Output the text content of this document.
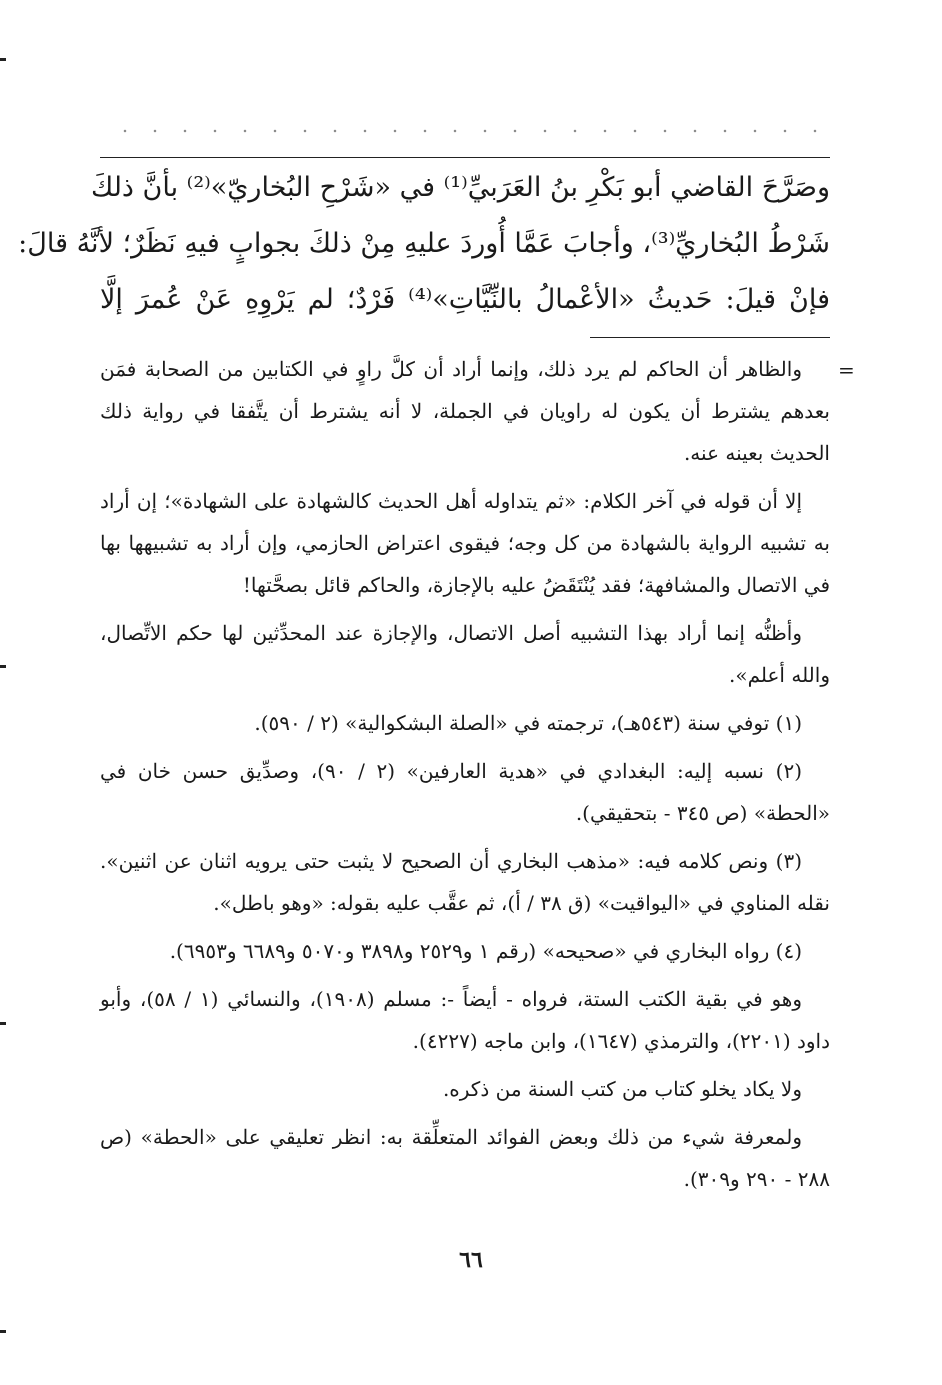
وصَرَّحَ القاضي أبو بَكْرِ بنُ العَرَبيِّ⁽¹⁾ في «شَرْحِ البُخاريّ»⁽²⁾ بأنَّ ذلكَ

شَرْطُ البُخاريِّ⁽³⁾، وأجابَ عَمَّا أُوردَ عليهِ مِنْ ذلكَ بجوابٍ فيهِ نَظَرٌ؛ لأنَّهُ قالَ:

فإنْ قيلَ: حَديثُ «الأعْمالُ بالنِّيَّاتِ»⁽⁴⁾ فَرْدٌ؛ لم يَرْوِهِ عَنْ عُمرَ إلَّا

=

والظاهر أن الحاكم لم يرد ذلك، وإنما أراد أن كلَّ راوٍ في الكتابين من الصحابة فمَن بعدهم يشترط أن يكون له راويان في الجملة، لا أنه يشترط أن يتَّفقا في رواية ذلك الحديث بعينه عنه.

إلا أن قوله في آخر الكلام: «ثم يتداوله أهل الحديث كالشهادة على الشهادة»؛ إن أراد به تشبيه الرواية بالشهادة من كل وجه؛ فيقوى اعتراض الحازمي، وإن أراد به تشبيهها بها في الاتصال والمشافهة؛ فقد يُنْتَقَضُ عليه بالإجازة، والحاكم قائل بصحَّتها!

وأظنُّه إنما أراد بهذا التشبيه أصل الاتصال، والإجازة عند المحدِّثين لها حكم الاتِّصال، والله أعلم».

(١) توفي سنة (٥٤٣هـ)، ترجمته في «الصلة البشكوالية» (٢ / ٥٩٠).

(٢) نسبه إليه: البغدادي في «هدية العارفين» (٢ / ٩٠)، وصدِّيق حسن خان في «الحطة» (ص ٣٤٥ - بتحقيقي).

(٣) ونص كلامه فيه: «مذهب البخاري أن الصحيح لا يثبت حتى يرويه اثنان عن اثنين». نقله المناوي في «اليواقيت» (ق ٣٨ / أ)، ثم عقَّب عليه بقوله: «وهو باطل».

(٤) رواه البخاري في «صحيحه» (رقم ١ و٢٥٢٩ و٣٨٩٨ و٥٠٧٠ و٦٦٨٩ و٦٩٥٣).

وهو في بقية الكتب الستة، فرواه - أيضاً -: مسلم (١٩٠٨)، والنسائي (١ / ٥٨)، وأبو داود (٢٢٠١)، والترمذي (١٦٤٧)، وابن ماجه (٤٢٢٧).

ولا يكاد يخلو كتاب من كتب السنة من ذكره.

ولمعرفة شيء من ذلك وبعض الفوائد المتعلِّقة به: انظر تعليقي على «الحطة» (ص ٢٨٨ - ٢٩٠ و٣٠٩).

٦٦
